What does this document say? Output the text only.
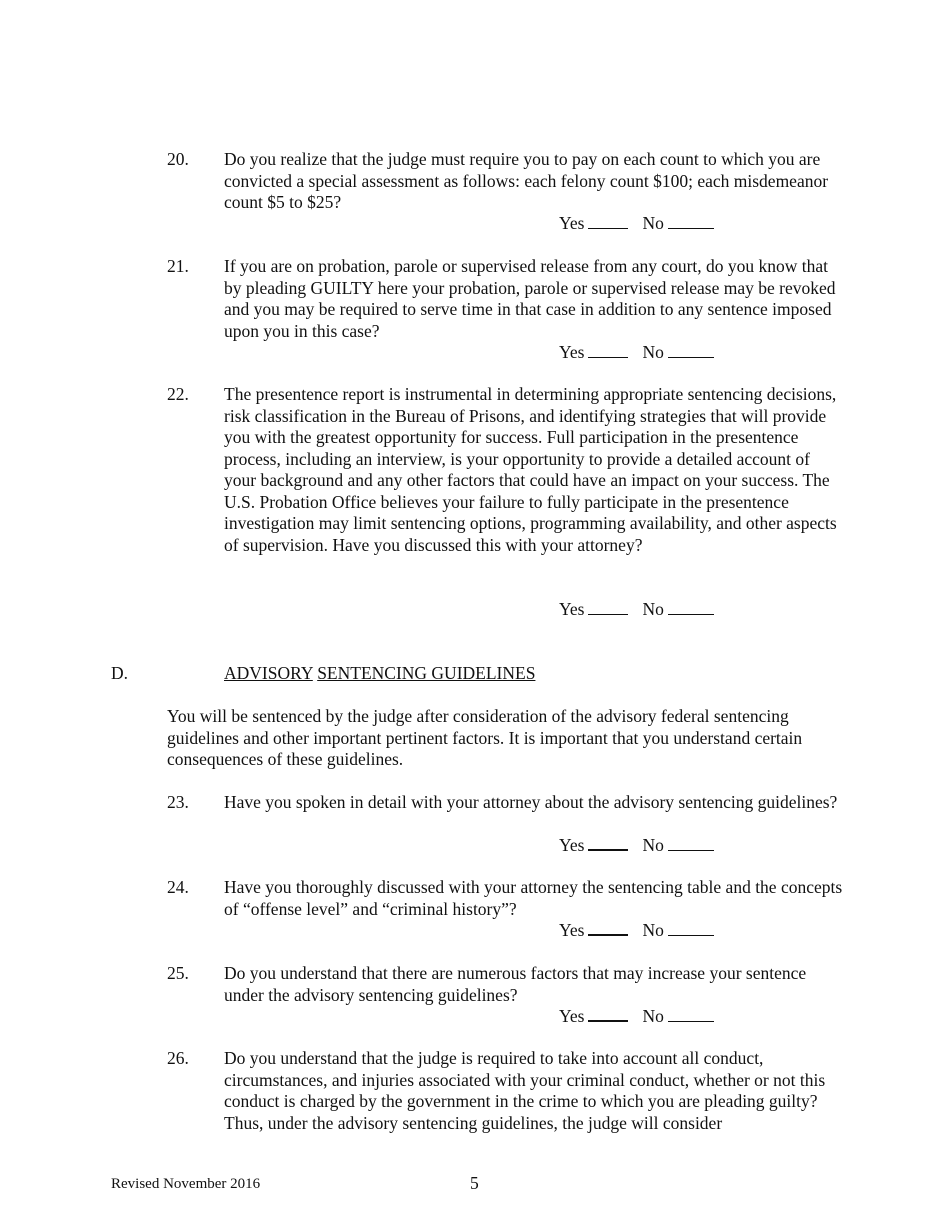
20. Do you realize that the judge must require you to pay on each count to which you are convicted a special assessment as follows: each felony count $100; each misdemeanor count $5 to $25?
Yes	No
21. If you are on probation, parole or supervised release from any court, do you know that by pleading GUILTY here your probation, parole or supervised release may be revoked and you may be required to serve time in that case in addition to any sentence imposed upon you in this case?
Yes	No
22. The presentence report is instrumental in determining appropriate sentencing decisions, risk classification in the Bureau of Prisons, and identifying strategies that will provide you with the greatest opportunity for success. Full participation in the presentence process, including an interview, is your opportunity to provide a detailed account of your background and any other factors that could have an impact on your success. The U.S. Probation Office believes your failure to fully participate in the presentence investigation may limit sentencing options, programming availability, and other aspects of supervision. Have you discussed this with your attorney?
Yes	No
D.	ADVISORY SENTENCING GUIDELINES
You will be sentenced by the judge after consideration of the advisory federal sentencing guidelines and other important pertinent factors. It is important that you understand certain consequences of these guidelines.
23. Have you spoken in detail with your attorney about the advisory sentencing guidelines?
Yes	No
24. Have you thoroughly discussed with your attorney the sentencing table and the concepts of “offense level” and “criminal history”?
Yes	No
25. Do you understand that there are numerous factors that may increase your sentence under the advisory sentencing guidelines?
Yes	No
26. Do you understand that the judge is required to take into account all conduct, circumstances, and injuries associated with your criminal conduct, whether or not this conduct is charged by the government in the crime to which you are pleading guilty? Thus, under the advisory sentencing guidelines, the judge will consider
Revised November 2016	5
